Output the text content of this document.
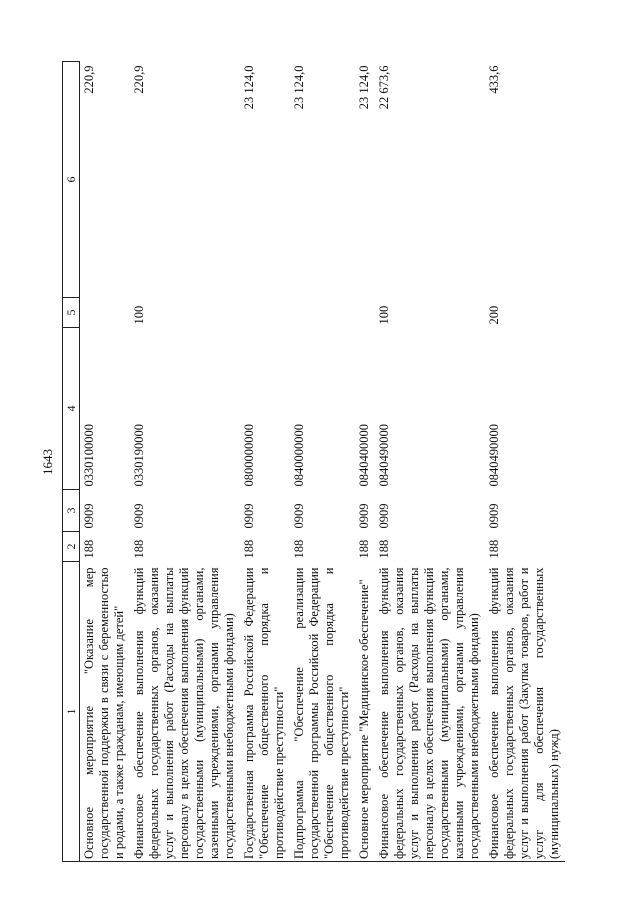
1643
1	2	3	4	5	6
Основное мероприятие "Оказание мер государственной поддержки в связи с беременностью и родами, а также гражданам, имеющим детей"	188	0909	0330100000		220,9
Финансовое обеспечение выполнения функций федеральных государственных органов, оказания услуг и выполнения работ (Расходы на выплаты персоналу в целях обеспечения выполнения функций государственными (муниципальными) органами, казенными учреждениями, органами управления государственными внебюджетными фондами)	188	0909	0330190000	100	220,9
Государственная программа Российской Федерации "Обеспечение общественного порядка и противодействие преступности"	188	0909	0800000000		23 124,0
Подпрограмма "Обеспечение реализации государственной программы Российской Федерации "Обеспечение общественного порядка и противодействие преступности"	188	0909	0840000000		23 124,0
Основное мероприятие "Медицинское обеспечение"	188	0909	0840400000		23 124,0
Финансовое обеспечение выполнения функций федеральных государственных органов, оказания услуг и выполнения работ (Расходы на выплаты персоналу в целях обеспечения выполнения функций государственными (муниципальными) органами, казенными учреждениями, органами управления государственными внебюджетными фондами)	188	0909	0840490000	100	22 673,6
Финансовое обеспечение выполнения функций федеральных государственных органов, оказания услуг и выполнения работ (Закупка товаров, работ и услуг для обеспечения государственных (муниципальных) нужд)	188	0909	0840490000	200	433,6
